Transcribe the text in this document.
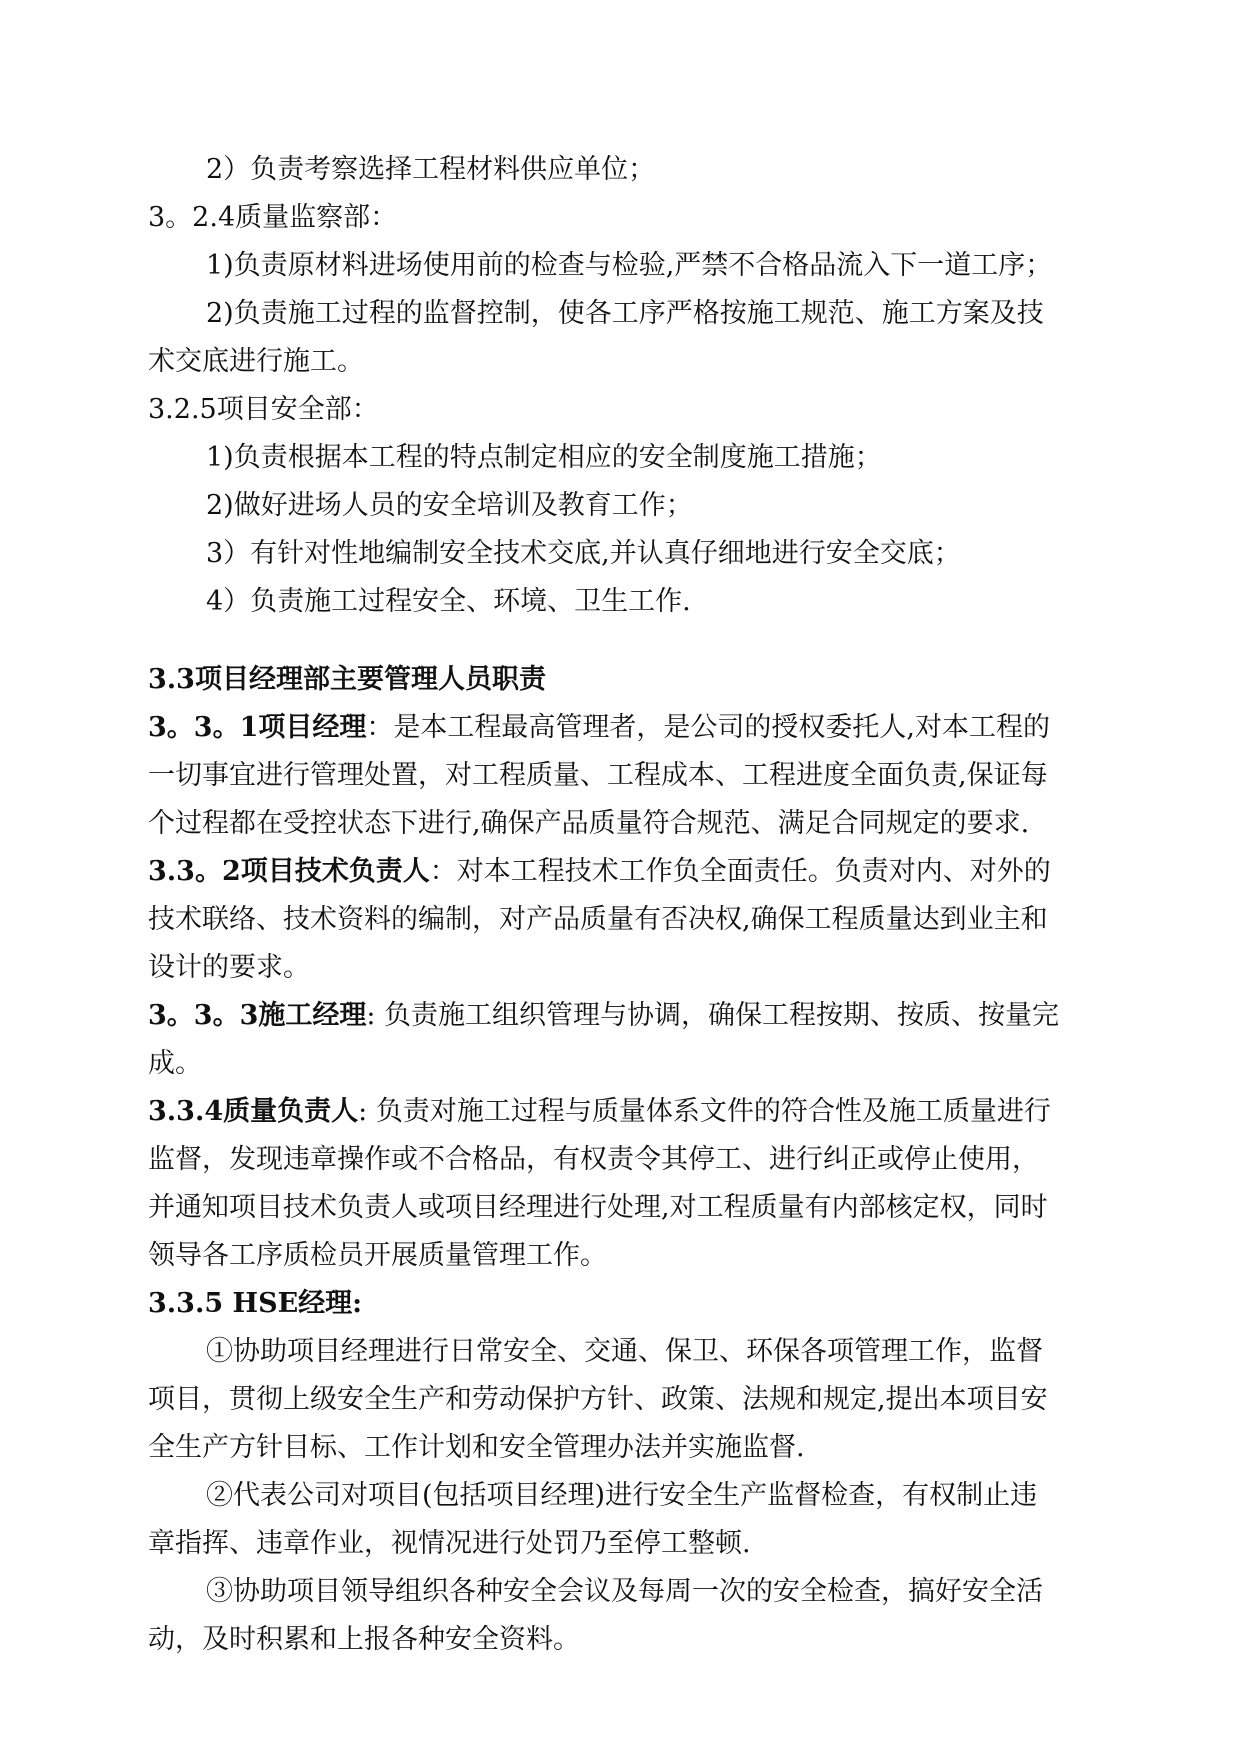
2）负责考察选择工程材料供应单位；
3。2.4质量监察部：
1)负责原材料进场使用前的检查与检验,严禁不合格品流入下一道工序；
2)负责施工过程的监督控制，使各工序严格按施工规范、施工方案及技
术交底进行施工。
3.2.5项目安全部：
1)负责根据本工程的特点制定相应的安全制度施工措施；
2)做好进场人员的安全培训及教育工作；
3）有针对性地编制安全技术交底,并认真仔细地进行安全交底；
4）负责施工过程安全、环境、卫生工作.
3.3项目经理部主要管理人员职责
3。3。1项目经理：是本工程最高管理者，是公司的授权委托人,对本工程的
一切事宜进行管理处置，对工程质量、工程成本、工程进度全面负责,保证每
个过程都在受控状态下进行,确保产品质量符合规范、满足合同规定的要求.
3.3。2项目技术负责人：对本工程技术工作负全面责任。负责对内、对外的
技术联络、技术资料的编制，对产品质量有否决权,确保工程质量达到业主和
设计的要求。
3。3。3施工经理: 负责施工组织管理与协调，确保工程按期、按质、按量完
成。
3.3.4质量负责人: 负责对施工过程与质量体系文件的符合性及施工质量进行
监督，发现违章操作或不合格品，有权责令其停工、进行纠正或停止使用，
并通知项目技术负责人或项目经理进行处理,对工程质量有内部核定权，同时
领导各工序质检员开展质量管理工作。
3.3.5 HSE经理:
①协助项目经理进行日常安全、交通、保卫、环保各项管理工作，监督
项目，贯彻上级安全生产和劳动保护方针、政策、法规和规定,提出本项目安
全生产方针目标、工作计划和安全管理办法并实施监督.
②代表公司对项目(包括项目经理)进行安全生产监督检查，有权制止违
章指挥、违章作业，视情况进行处罚乃至停工整顿.
③协助项目领导组织各种安全会议及每周一次的安全检查，搞好安全活
动，及时积累和上报各种安全资料。
